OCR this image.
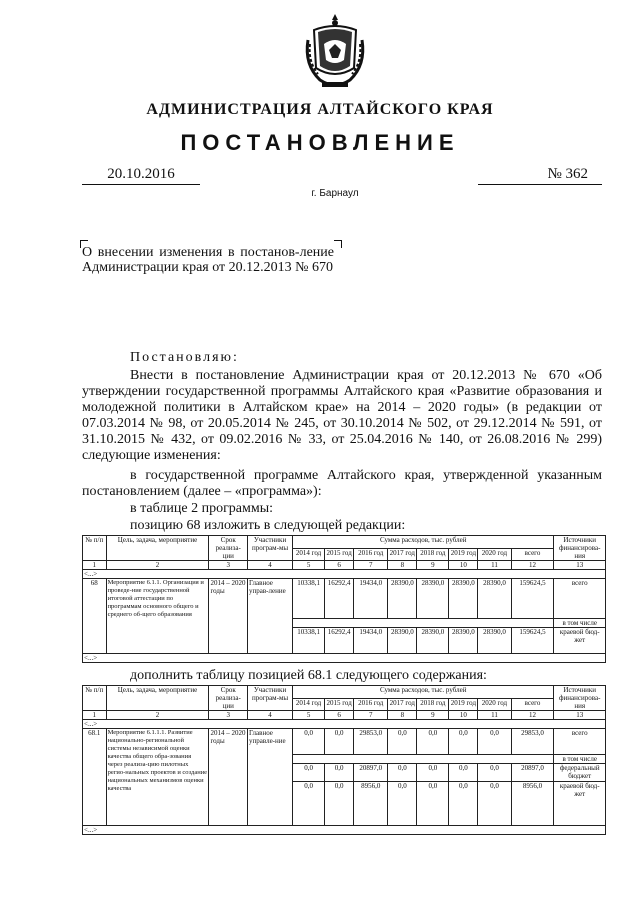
АДМИНИСТРАЦИЯ АЛТАЙСКОГО КРАЯ
ПОСТАНОВЛЕНИЕ
20.10.2016	№ 362
г. Барнаул
О внесении изменения в постанов-ление Администрации края от 20.12.2013 № 670
Постановляю:
Внести в постановление Администрации края от 20.12.2013 № 670 «Об утверждении государственной программы Алтайского края «Развитие образования и молодежной политики в Алтайском крае» на 2014 – 2020 годы» (в редакции от 07.03.2014 № 98, от 20.05.2014 № 245, от 30.10.2014 № 502, от 29.12.2014 № 591, от 31.10.2015 № 432, от 09.02.2016 № 33, от 25.04.2016 № 140, от 26.08.2016 № 299) следующие изменения:
в государственной программе Алтайского края, утвержденной указанным постановлением (далее – «программа»):
в таблице 2 программы:
позицию 68 изложить в следующей редакции:
№ п/п	Цель, задача, мероприятие	Срок реализа-ции	Участники програм-мы	Сумма расходов, тыс. рублей								Источники финансирова-ния
				2014 год	2015 год	2016 год	2017 год	2018 год	2019 год	2020 год	всего	
1	2	3	4	5	6	7	8	9	10	11	12	13
<...>												
68	Мероприятие 6.1.1. Организация и проведе-ние государственной итоговой аттестации по программам основного общего и среднего об-щего образования	2014 – 2020 годы	Главное управ-ление	10338,1	16292,4	19434,0	28390,0	28390,0	28390,0	28390,0	159624,5	всего
												в том числе
				10338,1	16292,4	19434,0	28390,0	28390,0	28390,0	28390,0	159624,5	краевой бюд-жет
<...>												
дополнить таблицу позицией 68.1 следующего содержания:
№ п/п	Цель, задача, мероприятие	Срок реализа-ции	Участники програм-мы	Сумма расходов, тыс. рублей								Источники финансирова-ния
				2014 год	2015 год	2016 год	2017 год	2018 год	2019 год	2020 год	всего	
1	2	3	4	5	6	7	8	9	10	11	12	13
<...>												
68.1	Мероприятие 6.1.1.1. Развитие национально-региональной системы независимой оценки качества общего обра-зования через реализа-цию пилотных регио-нальных проектов и создание национальных механизмов оценки качества	2014 – 2020 годы	Главное управле-ние	0,0	0,0	29853,0	0,0	0,0	0,0	0,0	29853,0	всего
												в том числе
				0,0	0,0	20897,0	0,0	0,0	0,0	0,0	20897,0	федеральный бюджет
				0,0	0,0	8956,0	0,0	0,0	0,0	0,0	8956,0	краевой бюд-жет
<...>												
